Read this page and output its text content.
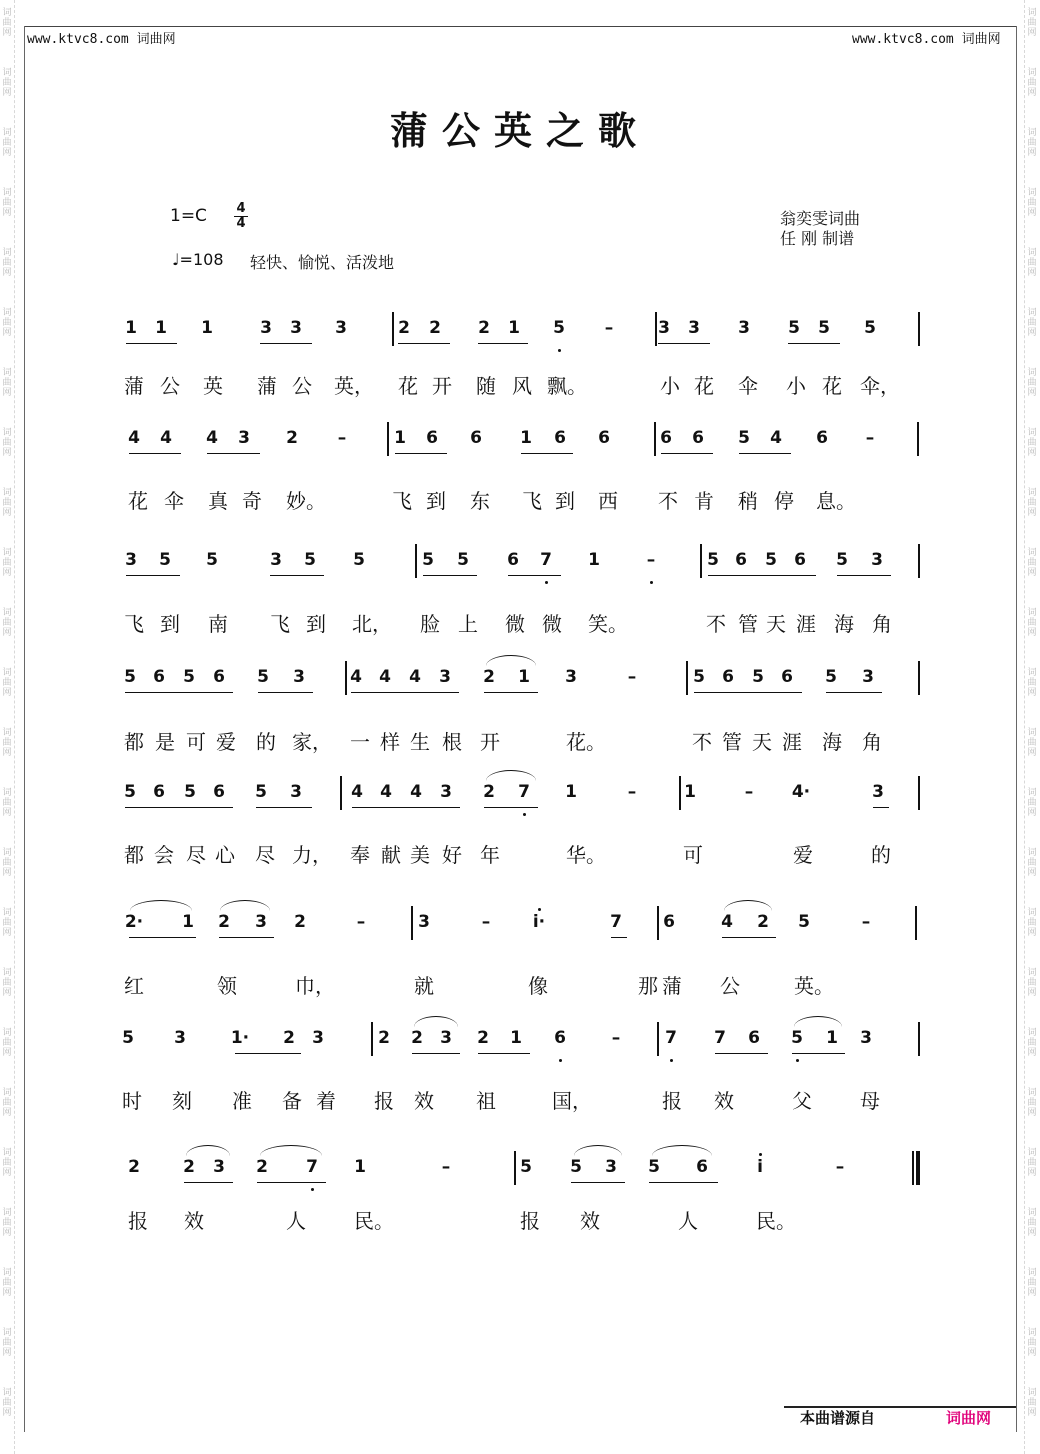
词曲网
词曲网
词曲网
词曲网
词曲网
词曲网
词曲网
词曲网
词曲网
词曲网
词曲网
词曲网
词曲网
词曲网
词曲网
词曲网
词曲网
词曲网
词曲网
词曲网
词曲网
词曲网
词曲网
词曲网
词曲网
词曲网
词曲网
词曲网
词曲网
词曲网
词曲网
词曲网
词曲网
词曲网
词曲网
词曲网
词曲网
词曲网
词曲网
词曲网
词曲网
词曲网
词曲网
词曲网
词曲网
词曲网
词曲网
词曲网
www.ktvc8.com 词曲网	www.ktvc8.com 词曲网
蒲公英之歌
$1=C \frac{4}{4}$
♩=108 轻快、愉悦、活泼地
翁奕雯词曲
任 刚 制谱
1 1 1	3 3 3	2 2 2 1 5	–	3 3 3 5 5 5
蒲 公 英 蒲 公 英， 花 开 随 风 飘。	小 花 伞 小 花 伞，
4 4 4 3 2	–	1 6 6 1 6 6	6 6 5 4 6	–
花 伞 真 奇 妙。	飞 到 东 飞 到 西 不 肯 稍 停 息。
3 5 5	3 5 5	5 5 6 7 1	–	5 6 5 6 5 3
飞 到 南 飞 到 北， 脸 上 微 微 笑。	不 管 天 涯 海 角
5 6 5 6 5 3	4 4 4 3 2 1 3	–	5 6 5 6 5 3
都 是 可 爱 的 家， 一 样 生 根 开	花。	不 管 天 涯 海 角
5 6 5 6 5 3	4 4 4 3 2 7 1	–	1	–	4·	3
都 会 尽 心 尽 力， 奉 献 美 好 年	华。	可	爱	的
2· 1 2 3 2	–	3	–	i·	7 6	4 2 5	–
红	领	巾，	就	像	那 蒲 公	英。
5 3	1· 2 3	2 2 3 2 1 6	–	7 7 6 5 1 3
时 刻 准 备 着 报 效 祖	国，	报 效	父 母
2	2 3 2 7 1	–	5 5 3 5 6	i	–
报 效	人 民。	报 效	人	民。
本曲谱源自	词曲网
